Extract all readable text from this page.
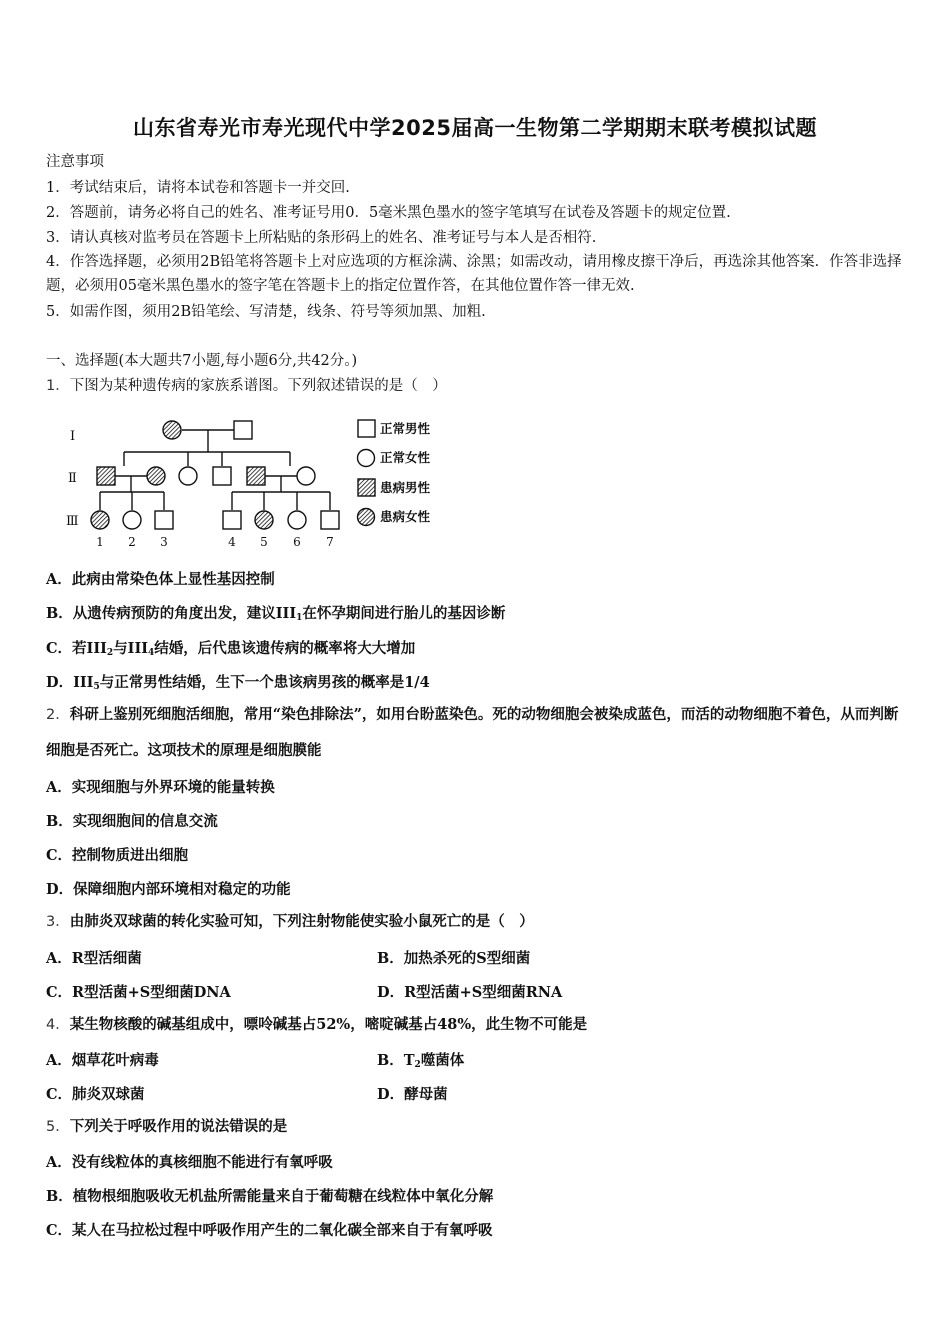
山东省寿光市寿光现代中学2025届高一生物第二学期期末联考模拟试题
注意事项
1．考试结束后，请将本试卷和答题卡一并交回.
2．答题前，请务必将自己的姓名、准考证号用0．5毫米黑色墨水的签字笔填写在试卷及答题卡的规定位置.
3．请认真核对监考员在答题卡上所粘贴的条形码上的姓名、准考证号与本人是否相符.
4．作答选择题，必须用2B铅笔将答题卡上对应选项的方框涂满、涂黑；如需改动，请用橡皮擦干净后，再选涂其他答案．作答非选择题，必须用05毫米黑色墨水的签字笔在答题卡上的指定位置作答，在其他位置作答一律无效.
5．如需作图，须用2B铅笔绘、写清楚，线条、符号等须加黑、加粗.
一、选择题(本大题共7小题,每小题6分,共42分。)
1．下图为某种遗传病的家族系谱图。下列叙述错误的是（　）
Ⅰ
Ⅱ
Ⅲ
1 2 3	4 5 6 7
正常男性
正常女性
患病男性
患病女性
A．此病由常染色体上显性基因控制
B．从遗传病预防的角度出发，建议$III_1$在怀孕期间进行胎儿的基因诊断
C．若$III_2$与$III_4$结婚，后代患该遗传病的概率将大大增加
D．$III_5$与正常男性结婚，生下一个患该病男孩的概率是1/4
2．科研上鉴别死细胞活细胞，常用“染色排除法”，如用台盼蓝染色。死的动物细胞会被染成蓝色，而活的动物细胞不着色，从而判断细胞是否死亡。这项技术的原理是细胞膜能
A．实现细胞与外界环境的能量转换
B．实现细胞间的信息交流
C．控制物质进出细胞
D．保障细胞内部环境相对稳定的功能
3．由肺炎双球菌的转化实验可知，下列注射物能使实验小鼠死亡的是（　）
A．R型活细菌	B．加热杀死的S型细菌
C．R型活菌+S型细菌DNA	D．R型活菌+S型细菌RNA
4．某生物核酸的碱基组成中，嘌呤碱基占52%，嘧啶碱基占48%，此生物不可能是
A．烟草花叶病毒	B．$T_2$噬菌体
C．肺炎双球菌	D．酵母菌
5．下列关于呼吸作用的说法错误的是
A．没有线粒体的真核细胞不能进行有氧呼吸
B．植物根细胞吸收无机盐所需能量来自于葡萄糖在线粒体中氧化分解
C．某人在马拉松过程中呼吸作用产生的二氧化碳全部来自于有氧呼吸
